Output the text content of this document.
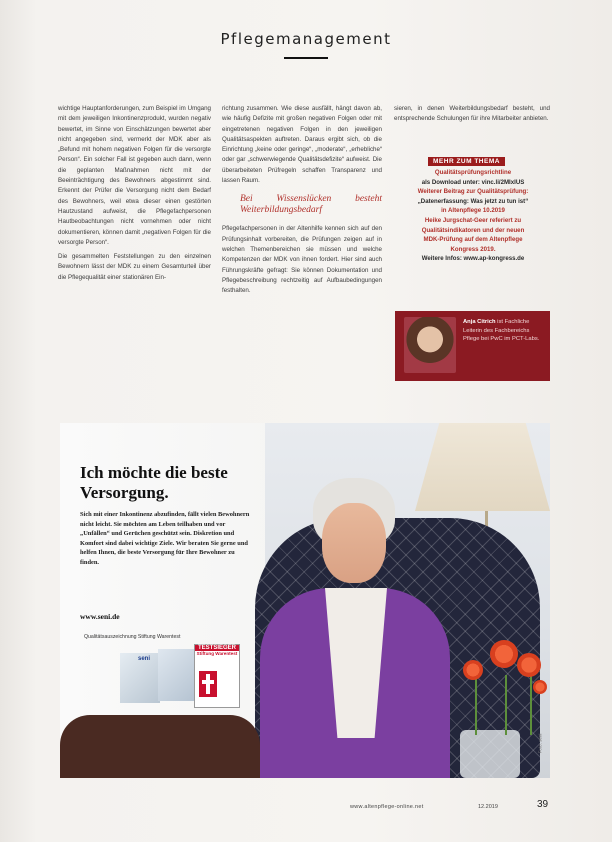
Pflegemanagement

wichtige Hauptanforderungen, zum Beispiel im Umgang mit dem jeweiligen Inkontinenzprodukt, wurden negativ bewertet, im Sinne von Einschätzungen bewertet aber nicht angegeben sind, vermerkt der MDK aber als „Befund mit hohem negativen Folgen für die versorgte Person“. Ein solcher Fall ist gegeben auch dann, wenn die geplanten Maßnahmen nicht mit der Beeinträchtigung des Bewohners abgestimmt sind. Erkennt der Prüfer die Versorgung nicht dem Bedarf des Bewohners, weil etwa dieser einen gestörten Hautzustand aufweist, die Pflegefachpersonen Hautbeobachtungen nicht vornehmen oder nicht dokumentieren, können damit „negativen Folgen für die versorgte Person“.

Die gesammelten Feststellungen zu den einzelnen Bewohnern lässt der MDK zu einem Gesamturteil über die Pflegequalität einer stationären Ein-

richtung zusammen. Wie diese ausfällt, hängt davon ab, wie häufig Defizite mit großen negativen Folgen oder mit eingetretenen negativen Folgen in den jeweiligen Qualitätsaspekten auftreten. Daraus ergibt sich, ob die Einrichtung „keine oder geringe“, „moderate“, „erhebliche“ oder gar „schwerwiegende Qualitätsdefizite“ aufweist. Die überarbeiteten Prüfregeln schaffen Transparenz und lassen Raum.

Bei Wissenslücken besteht Weiterbildungsbedarf

Pflegefachpersonen in der Altenhilfe kennen sich auf den Prüfungsinhalt vorbereiten, die Prüfungen zeigen auf in welchen Themenbereichen sie müssen und welche Kompetenzen der MDK von ihnen fordert. Hier sind auch Führungskräfte gefragt: Sie können Dokumentation und Pflegebeschreibung rechtzeitig auf Aufbaubedingungen festhalten.

sieren, in denen Weiterbildungsbedarf besteht, und entsprechende Schulungen für ihre Mitarbeiter anbieten.

MEHR ZUM THEMA
Qualitätsprüfungsrichtline
als Download unter: vinc.li/2MIxIUS
Weiterer Beitrag zur Qualitätsprüfung:
„Datenerfassung: Was jetzt zu tun ist“
in Altenpflege 10.2019
Heike Jurgschat-Geer referiert zu
Qualitätsindikatoren und der neuen
MDK-Prüfung auf dem Altenpflege
Kongress 2019.
Weitere Infos: www.ap-kongress.de
Anja Citrich ist Fachliche Leiterin des Fachbereichs Pflege bei PwC im PCT-Labs.
Ich möchte die beste Versorgung.
Sich mit einer Inkontinenz abzufinden, fällt vielen Bewohnern nicht leicht. Sie möchten am Leben teilhaben und vor „Unfällen“ und Gerüchen geschützt sein. Diskretion und Komfort sind dabei wichtige Ziele. Wir beraten Sie gerne und helfen Ihnen, die beste Versorgung für Ihre Bewohner zu finden.
www.seni.de
Qualitätsauszeichnung Stiftung Warentest
seni
TESTSIEGER
Stiftung Warentest
Foto: seni
www.altenpflege-online.net	12.2019	39
